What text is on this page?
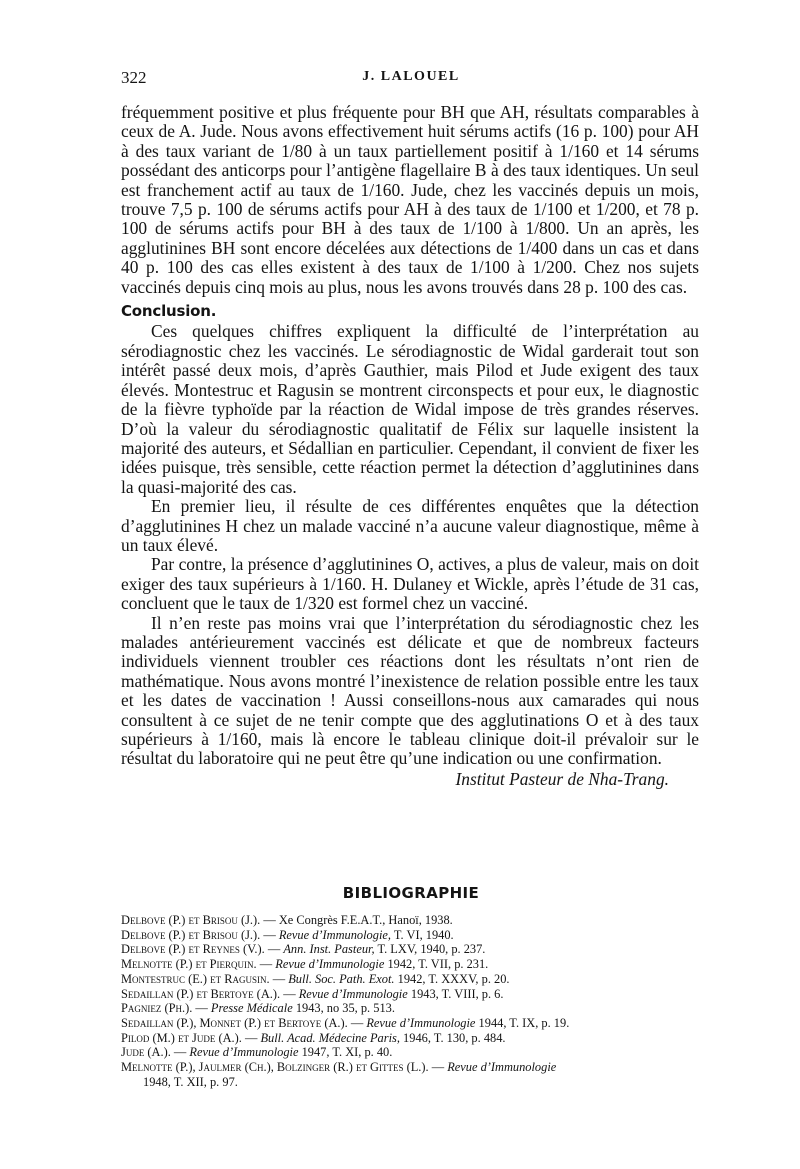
322	J. LALOUEL

fréquemment positive et plus fréquente pour BH que AH, résultats comparables à ceux de A. Jude. Nous avons effectivement huit sérums actifs (16 p. 100) pour AH à des taux variant de 1/80 à un taux partiellement positif à 1/160 et 14 sérums possédant des anticorps pour l’antigène flagellaire B à des taux identiques. Un seul est franchement actif au taux de 1/160. Jude, chez les vaccinés depuis un mois, trouve 7,5 p. 100 de sérums actifs pour AH à des taux de 1/100 et 1/200, et 78 p. 100 de sérums actifs pour BH à des taux de 1/100 à 1/800. Un an après, les agglutinines BH sont encore décelées aux détections de 1/400 dans un cas et dans 40 p. 100 des cas elles existent à des taux de 1/100 à 1/200. Chez nos sujets vaccinés depuis cinq mois au plus, nous les avons trouvés dans 28 p. 100 des cas.

Conclusion.

Ces quelques chiffres expliquent la difficulté de l’interprétation au sérodiagnostic chez les vaccinés. Le sérodiagnostic de Widal garderait tout son intérêt passé deux mois, d’après Gauthier, mais Pilod et Jude exigent des taux élevés. Montestruc et Ragusin se montrent circonspects et pour eux, le diagnostic de la fièvre typhoïde par la réaction de Widal impose de très grandes réserves. D’où la valeur du sérodiagnostic qualitatif de Félix sur laquelle insistent la majorité des auteurs, et Sédallian en particulier. Cependant, il convient de fixer les idées puisque, très sensible, cette réaction permet la détection d’agglutinines dans la quasi-majorité des cas.

En premier lieu, il résulte de ces différentes enquêtes que la détection d’agglutinines H chez un malade vacciné n’a aucune valeur diagnostique, même à un taux élevé.

Par contre, la présence d’agglutinines O, actives, a plus de valeur, mais on doit exiger des taux supérieurs à 1/160. H. Dulaney et Wickle, après l’étude de 31 cas, concluent que le taux de 1/320 est formel chez un vacciné.

Il n’en reste pas moins vrai que l’interprétation du sérodiagnostic chez les malades antérieurement vaccinés est délicate et que de nombreux facteurs individuels viennent troubler ces réactions dont les résultats n’ont rien de mathématique. Nous avons montré l’inexistence de relation possible entre les taux et les dates de vaccination ! Aussi conseillons-nous aux camarades qui nous consultent à ce sujet de ne tenir compte que des agglutinations O et à des taux supérieurs à 1/160, mais là encore le tableau clinique doit-il prévaloir sur le résultat du laboratoire qui ne peut être qu’une indication ou une confirmation.

Institut Pasteur de Nha-Trang.

BIBLIOGRAPHIE
Delbove (P.) et Brisou (J.). — Xe Congrès F.E.A.T., Hanoï, 1938.
Delbove (P.) et Brisou (J.). — Revue d’Immunologie, T. VI, 1940.
Delbove (P.) et Reynes (V.). — Ann. Inst. Pasteur, T. LXV, 1940, p. 237.
Melnotte (P.) et Pierquin. — Revue d’Immunologie 1942, T. VII, p. 231.
Montestruc (E.) et Ragusin. — Bull. Soc. Path. Exot. 1942, T. XXXV, p. 20.
Sedaillan (P.) et Bertoye (A.). — Revue d’Immunologie 1943, T. VIII, p. 6.
Pagniez (Ph.). — Presse Médicale 1943, no 35, p. 513.
Sedaillan (P.), Monnet (P.) et Bertoye (A.). — Revue d’Immunologie 1944, T. IX, p. 19.
Pilod (M.) et Jude (A.). — Bull. Acad. Médecine Paris, 1946, T. 130, p. 484.
Jude (A.). — Revue d’Immunologie 1947, T. XI, p. 40.
Melnotte (P.), Jaulmer (Ch.), Bolzinger (R.) et Gittes (L.). — Revue d’Immunologie
1948, T. XII, p. 97.
